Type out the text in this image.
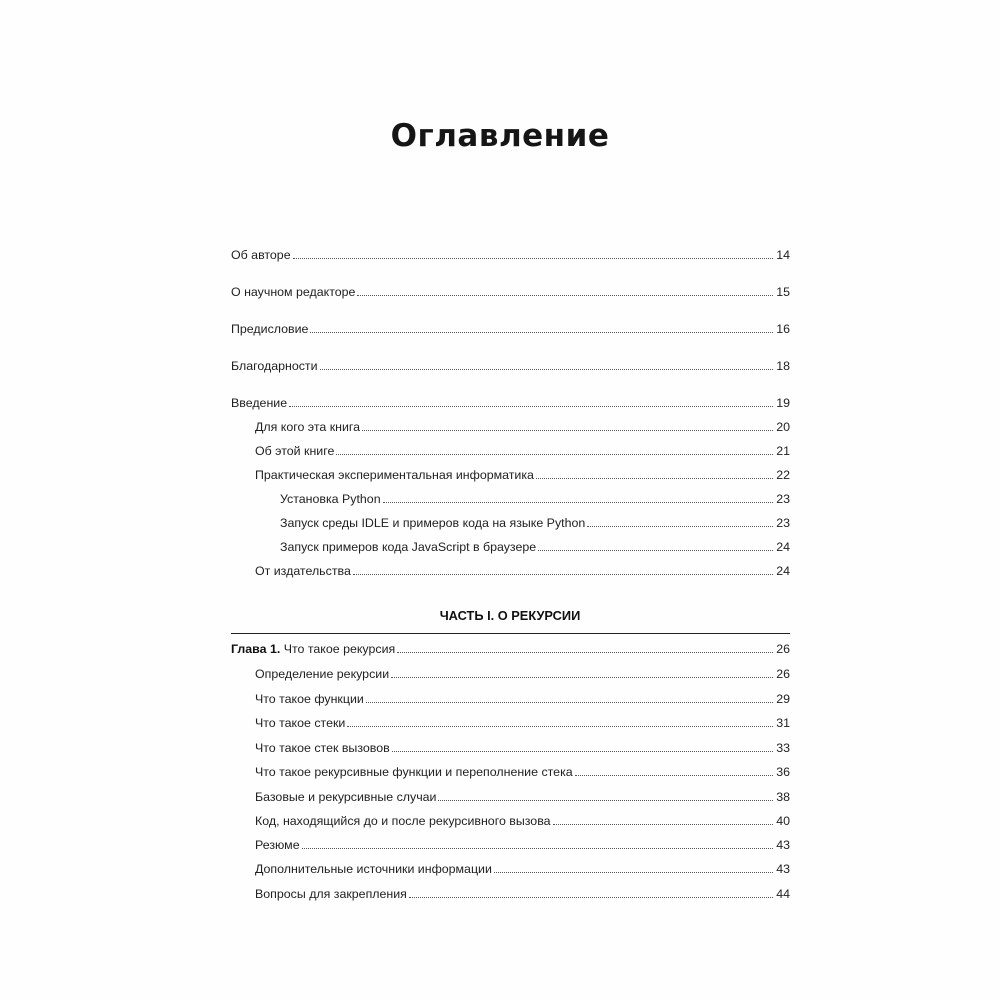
Оглавление
Об авторе	14
О научном редакторе	15
Предисловие	16
Благодарности	18
Введение	19
Для кого эта книга	20
Об этой книге	21
Практическая экспериментальная информатика	22
Установка Python	23
Запуск среды IDLE и примеров кода на языке Python	23
Запуск примеров кода JavaScript в браузере	24
От издательства	24
ЧАСТЬ I. О РЕКУРСИИ
Глава 1. Что такое рекурсия	26
Определение рекурсии	26
Что такое функции	29
Что такое стеки	31
Что такое стек вызовов	33
Что такое рекурсивные функции и переполнение стека	36
Базовые и рекурсивные случаи	38
Код, находящийся до и после рекурсивного вызова	40
Резюме	43
Дополнительные источники информации	43
Вопросы для закрепления	44
